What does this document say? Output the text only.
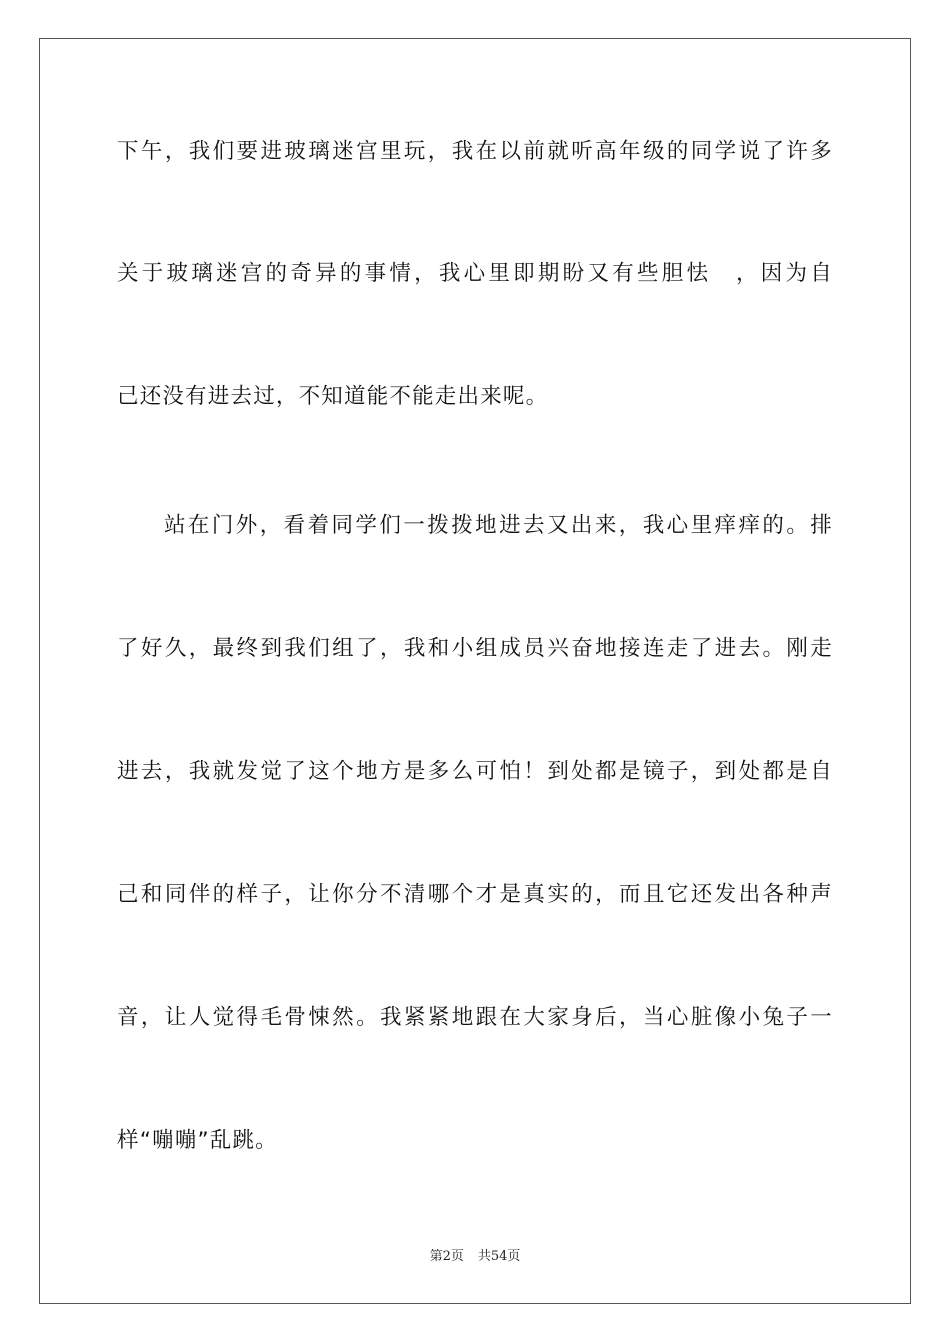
下午，我们要进玻璃迷宫里玩，我在以前就听高年级的同学说了许多
关于玻璃迷宫的奇异的事情，我心里即期盼又有些胆怯　，因为自
己还没有进去过，不知道能不能走出来呢。
站在门外，看着同学们一拨拨地进去又出来，我心里痒痒的。排
了好久，最终到我们组了，我和小组成员兴奋地接连走了进去。刚走
进去，我就发觉了这个地方是多么可怕！到处都是镜子，到处都是自
己和同伴的样子，让你分不清哪个才是真实的，而且它还发出各种声
音，让人觉得毛骨悚然。我紧紧地跟在大家身后，当心脏像小兔子一
样“嘣嘣”乱跳。
第2页 共54页
